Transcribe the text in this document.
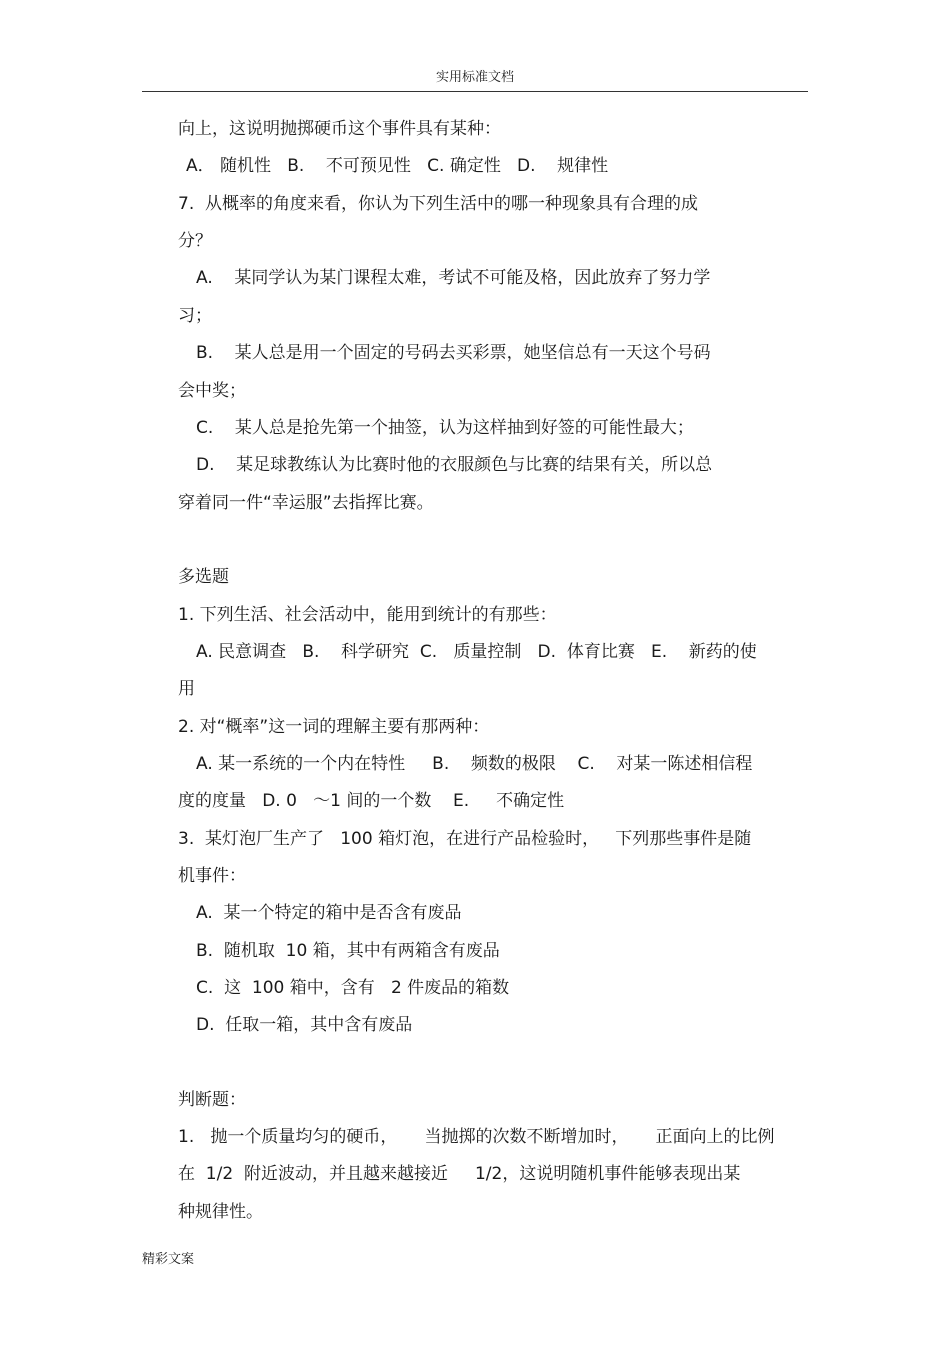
实用标准文档
向上，这说明抛掷硬币这个事件具有某种：
A． 随机性   B.    不可预见性   C. 确定性   D.    规律性
7.  从概率的角度来看，你认为下列生活中的哪一种现象具有合理的成
分？
A.    某同学认为某门课程太难，考试不可能及格，因此放弃了努力学
习；
B.    某人总是用一个固定的号码去买彩票，她坚信总有一天这个号码
会中奖；
C.    某人总是抢先第一个抽签，认为这样抽到好签的可能性最大；
D.    某足球教练认为比赛时他的衣服颜色与比赛的结果有关，所以总
穿着同一件“幸运服”去指挥比赛。
多选题
1. 下列生活、社会活动中，能用到统计的有那些：
A. 民意调查   B.    科学研究  C.   质量控制   D.  体育比赛   E.    新药的使
用
2. 对“概率”这一词的理解主要有那两种：
A. 某一系统的一个内在特性     B.    频数的极限    C.    对某一陈述相信程
度的度量   D. 0   ～1 间的一个数    E.     不确定性
3.  某灯泡厂生产了   100 箱灯泡，在进行产品检验时，   下列那些事件是随
机事件：
A.  某一个特定的箱中是否含有废品
B.  随机取  10 箱，其中有两箱含有废品
C.  这  100 箱中，含有   2 件废品的箱数
D.  任取一箱，其中含有废品
判断题：
1.   抛一个质量均匀的硬币，     当抛掷的次数不断增加时，     正面向上的比例
在  1/2  附近波动，并且越来越接近     1/2，这说明随机事件能够表现出某
种规律性。
精彩文案
